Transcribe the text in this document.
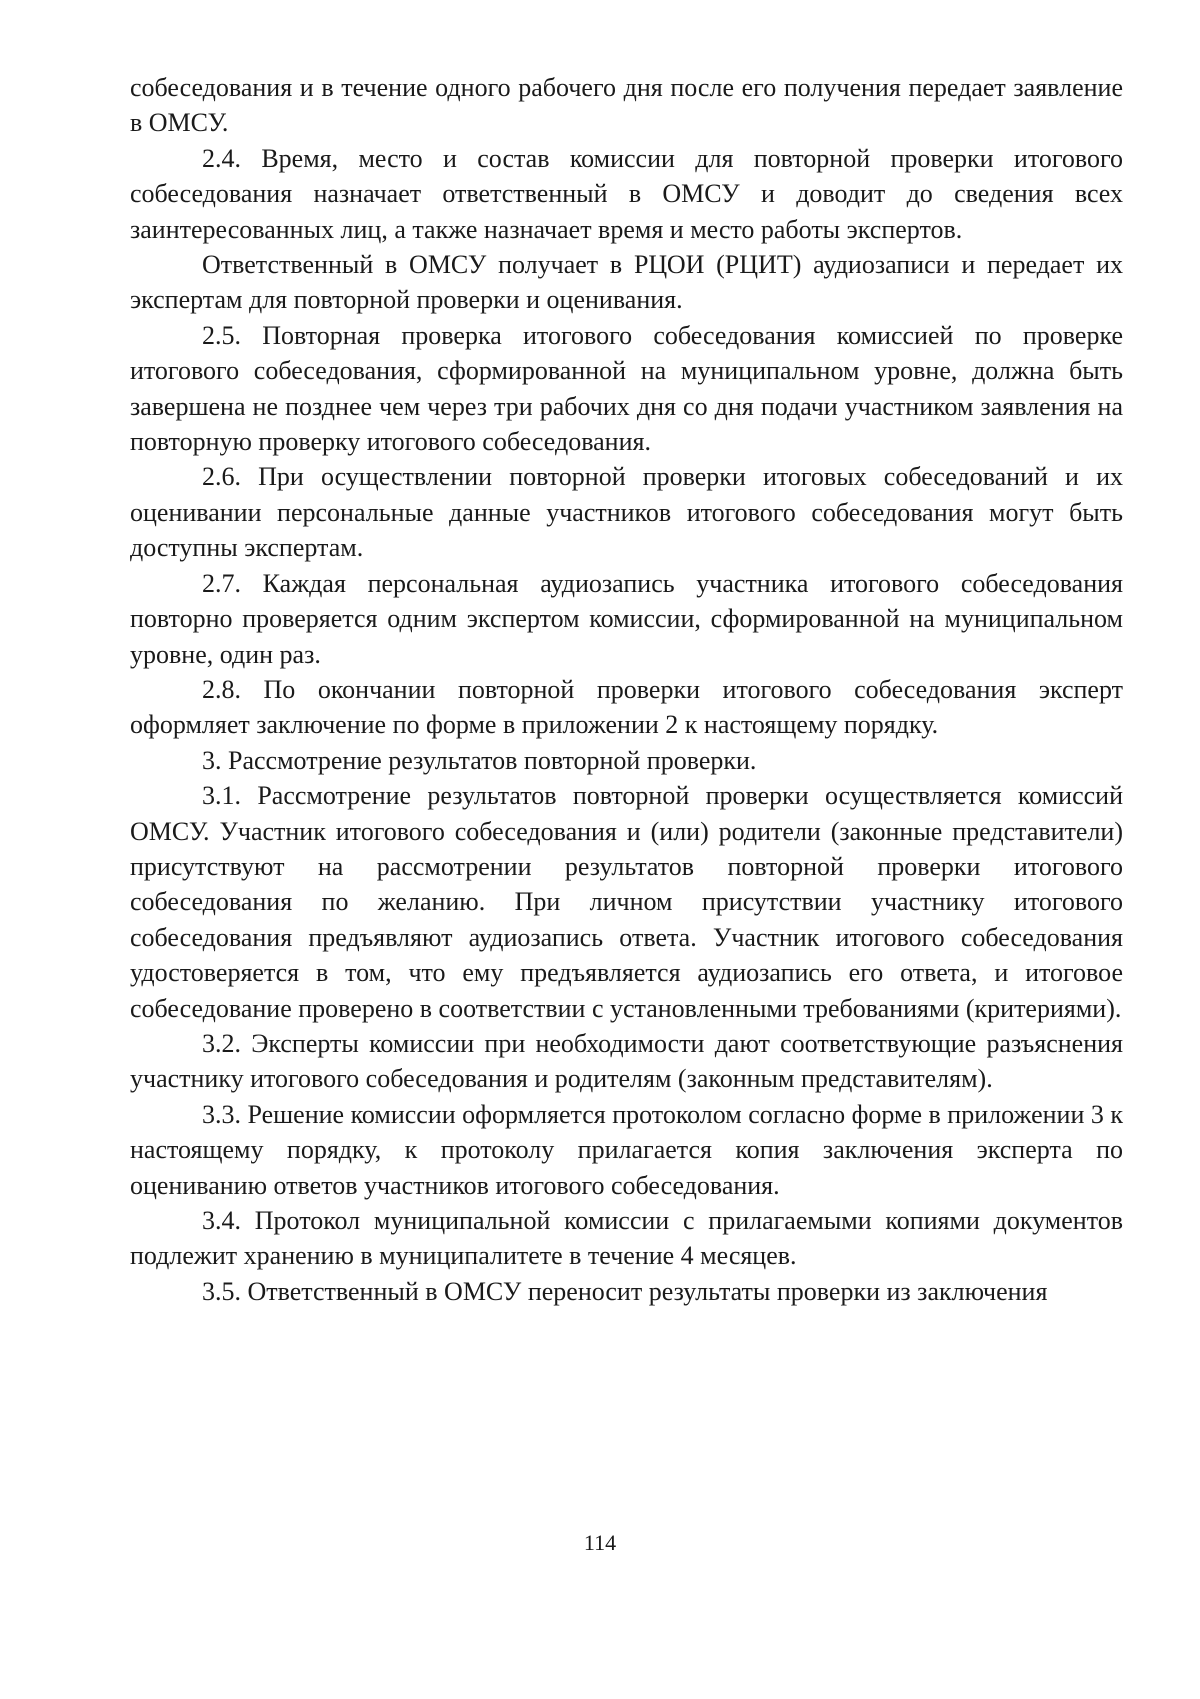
собеседования и в течение одного рабочего дня после его получения передает заявление в ОМСУ.

2.4. Время, место и состав комиссии для повторной проверки итогового собеседования назначает ответственный в ОМСУ и доводит до сведения всех заинтересованных лиц, а также назначает время и место работы экспертов.

Ответственный в ОМСУ получает в РЦОИ (РЦИТ) аудиозаписи и передает их экспертам для повторной проверки и оценивания.

2.5. Повторная проверка итогового собеседования комиссией по проверке итогового собеседования, сформированной на муниципальном уровне, должна быть завершена не позднее чем через три рабочих дня со дня подачи участником заявления на повторную проверку итогового собеседования.

2.6. При осуществлении повторной проверки итоговых собеседований и их оценивании персональные данные участников итогового собеседования могут быть доступны экспертам.

2.7. Каждая персональная аудиозапись участника итогового собеседования повторно проверяется одним экспертом комиссии, сформированной на муниципальном уровне, один раз.

2.8. По окончании повторной проверки итогового собеседования эксперт оформляет заключение по форме в приложении 2 к настоящему порядку.

3. Рассмотрение результатов повторной проверки.

3.1. Рассмотрение результатов повторной проверки осуществляется комиссий ОМСУ. Участник итогового собеседования и (или) родители (законные представители) присутствуют на рассмотрении результатов повторной проверки итогового собеседования по желанию. При личном присутствии участнику итогового собеседования предъявляют аудиозапись ответа. Участник итогового собеседования удостоверяется в том, что ему предъявляется аудиозапись его ответа, и итоговое собеседование проверено в соответствии с установленными требованиями (критериями).

3.2. Эксперты комиссии при необходимости дают соответствующие разъяснения участнику итогового собеседования и родителям (законным представителям).

3.3. Решение комиссии оформляется протоколом согласно форме в приложении 3 к настоящему порядку, к протоколу прилагается копия заключения эксперта по оцениванию ответов участников итогового собеседования.

3.4. Протокол муниципальной комиссии с прилагаемыми копиями документов подлежит хранению в муниципалитете в течение 4 месяцев.

3.5. Ответственный в ОМСУ переносит результаты проверки из заключения

114
